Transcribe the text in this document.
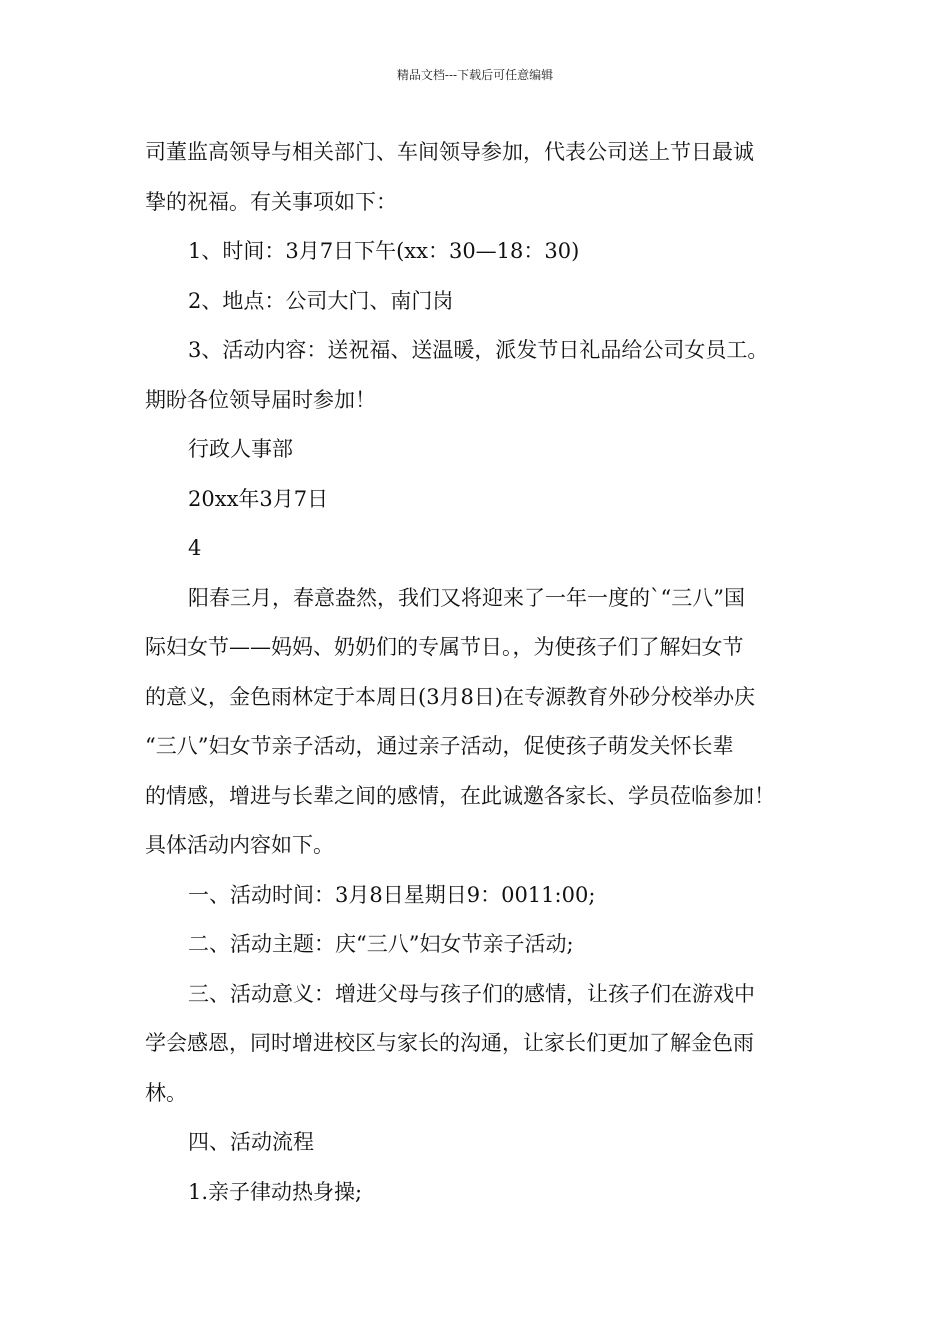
精品文档---下载后可任意编辑
司董监高领导与相关部门、车间领导参加，代表公司送上节日最诚
挚的祝福。有关事项如下：
1、时间：3月7日下午(xx：30—18：30)
2、地点：公司大门、南门岗
3、活动内容：送祝福、送温暖，派发节日礼品给公司女员工。
期盼各位领导届时参加！
行政人事部
20xx年3月7日
4
阳春三月，春意盎然，我们又将迎来了一年一度的`“三八”国
际妇女节——妈妈、奶奶们的专属节日。，为使孩子们了解妇女节
的意义，金色雨林定于本周日(3月8日)在专源教育外砂分校举办庆
“三八”妇女节亲子活动，通过亲子活动，促使孩子萌发关怀长辈
的情感，增进与长辈之间的感情，在此诚邀各家长、学员莅临参加！
具体活动内容如下。
一、活动时间：3月8日星期日9：0011:00;
二、活动主题：庆“三八”妇女节亲子活动;
三、活动意义：增进父母与孩子们的感情，让孩子们在游戏中
学会感恩，同时增进校区与家长的沟通，让家长们更加了解金色雨
林。
四、活动流程
1.亲子律动热身操;
